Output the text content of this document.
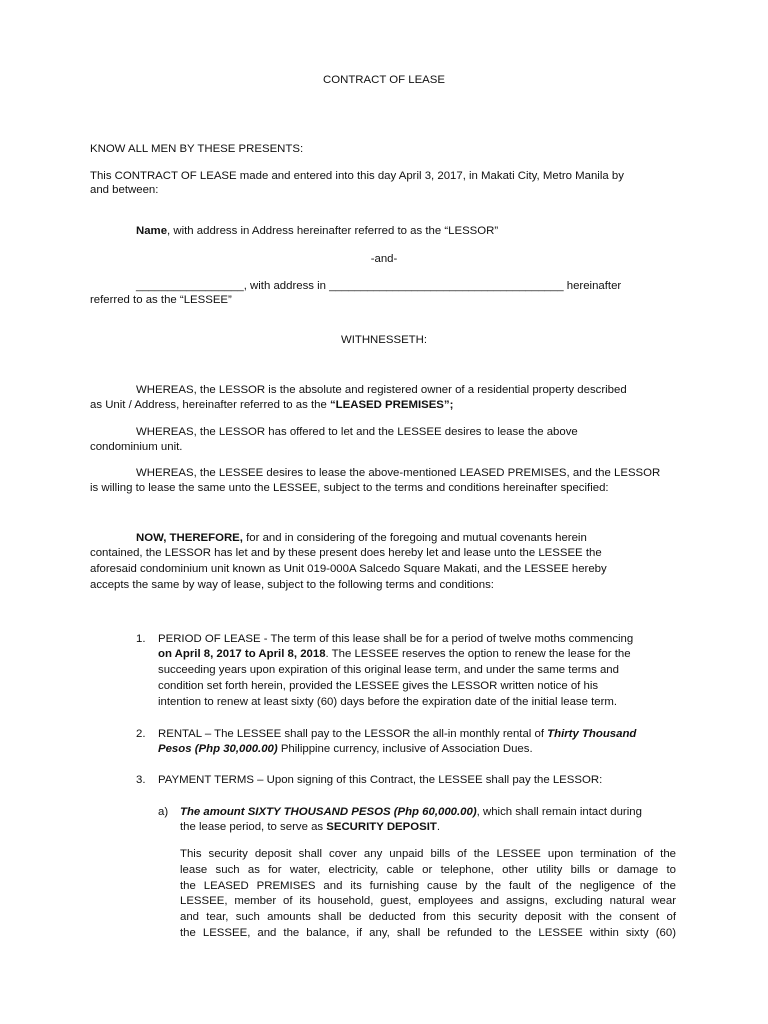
CONTRACT OF LEASE
KNOW ALL MEN BY THESE PRESENTS:
This CONTRACT OF LEASE made and entered into this day April 3, 2017, in Makati City, Metro Manila by
and between:
Name, with address in Address hereinafter referred to as the “LESSOR”
-and-
_________________, with address in _____________________________________ hereinafter
referred to as the “LESSEE”
WITHNESSETH:
WHEREAS, the LESSOR is the absolute and registered owner of a residential property described
as Unit / Address, hereinafter referred to as the “LEASED PREMISES”;
WHEREAS, the LESSOR has offered to let and the LESSEE desires to lease the above
condominium unit.
WHEREAS, the LESSEE desires to lease the above-mentioned LEASED PREMISES, and the LESSOR
is willing to lease the same unto the LESSEE, subject to the terms and conditions hereinafter specified:
NOW, THEREFORE, for and in considering of the foregoing and mutual covenants herein
contained, the LESSOR has let and by these present does hereby let and lease unto the LESSEE the
aforesaid condominium unit known as Unit 019-000A Salcedo Square Makati, and the LESSEE hereby
accepts the same by way of lease, subject to the following terms and conditions:
1. PERIOD OF LEASE - The term of this lease shall be for a period of twelve moths commencing
on April 8, 2017 to April 8, 2018. The LESSEE reserves the option to renew the lease for the
succeeding years upon expiration of this original lease term, and under the same terms and
condition set forth herein, provided the LESSEE gives the LESSOR written notice of his
intention to renew at least sixty (60) days before the expiration date of the initial lease term.
2. RENTAL – The LESSEE shall pay to the LESSOR the all-in monthly rental of Thirty Thousand
Pesos (Php 30,000.00) Philippine currency, inclusive of Association Dues.
3. PAYMENT TERMS – Upon signing of this Contract, the LESSEE shall pay the LESSOR:
a) The amount SIXTY THOUSAND PESOS (Php 60,000.00), which shall remain intact during
the lease period, to serve as SECURITY DEPOSIT.
This security deposit shall cover any unpaid bills of the LESSEE upon termination of the
lease such as for water, electricity, cable or telephone, other utility bills or damage to
the LEASED PREMISES and its furnishing cause by the fault of the negligence of the
LESSEE, member of its household, guest, employees and assigns, excluding natural wear
and tear, such amounts shall be deducted from this security deposit with the consent of
the LESSEE, and the balance, if any, shall be refunded to the LESSEE within sixty (60)
